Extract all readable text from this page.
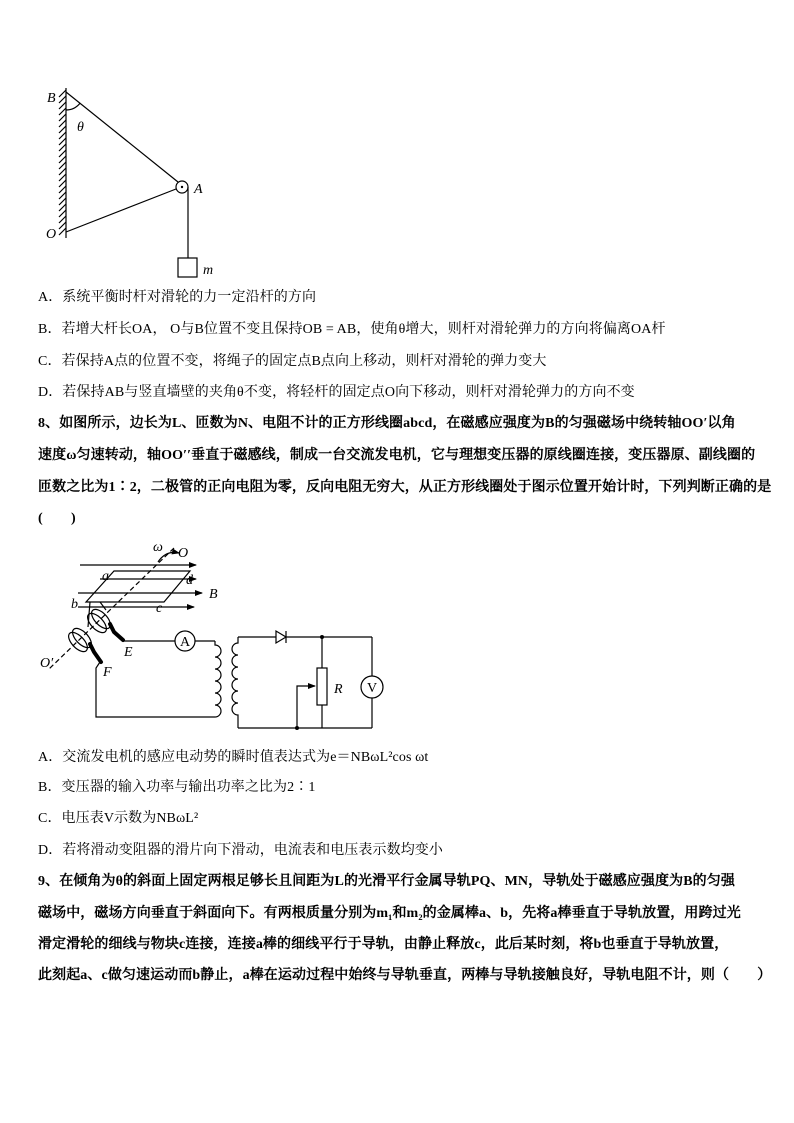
B
θ
A
O
m
A．系统平衡时杆对滑轮的力一定沿杆的方向
B．若增大杆长OA， O与B位置不变且保持OB = AB，使角θ增大，则杆对滑轮弹力的方向将偏离OA杆
C．若保持A点的位置不变，将绳子的固定点B点向上移动，则杆对滑轮的弹力变大
D．若保持AB与竖直墙壁的夹角θ不变，将轻杆的固定点O向下移动，则杆对滑轮弹力的方向不变
8、如图所示，边长为L、匝数为N、电阻不计的正方形线圈abcd，在磁感应强度为B的匀强磁场中绕转轴OO′以角
速度ω匀速转动，轴OO′′垂直于磁感线，制成一台交流发电机，它与理想变压器的原线圈连接，变压器原、副线圈的
匝数之比为1∶2，二极管的正向电阻为零，反向电阻无穷大，从正方形线圈处于图示位置开始计时，下列判断正确的是
(　　)
ω O
a	d
b	c
B
E
A
O′
F
R V
A．交流发电机的感应电动势的瞬时值表达式为e＝NBωL²cos ωt
B．变压器的输入功率与输出功率之比为2∶1
C．电压表V示数为NBωL²
D．若将滑动变阻器的滑片向下滑动，电流表和电压表示数均变小
9、在倾角为θ的斜面上固定两根足够长且间距为L的光滑平行金属导轨PQ、MN，导轨处于磁感应强度为B的匀强
磁场中，磁场方向垂直于斜面向下。有两根质量分别为m₁和m₂的金属棒a、b，先将a棒垂直于导轨放置，用跨过光
滑定滑轮的细线与物块c连接，连接a棒的细线平行于导轨，由静止释放c，此后某时刻，将b也垂直于导轨放置，
此刻起a、c做匀速运动而b静止，a棒在运动过程中始终与导轨垂直，两棒与导轨接触良好，导轨电阻不计，则（　　）
